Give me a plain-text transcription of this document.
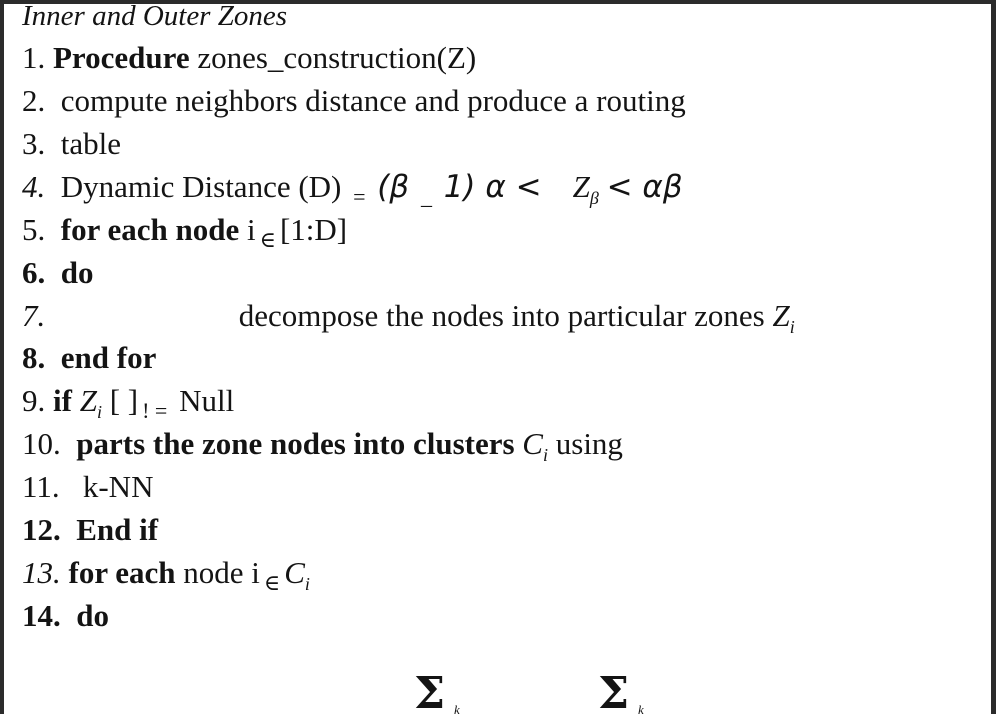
Inner and Outer Zones
1. Procedure zones_construction(Z)
2. compute neighbors distance and produce a routing
3. table
4. Dynamic Distance (D) $_=$ (β $_{\_}$ 1) $\alpha < Z_\beta < \alpha\beta$
5. for each node i $_\in$ [1:D]
6. do
7.	decompose the nodes into particular zones $Z_i$
8. end for
9. if $Z_i$ [ ] $_{! =}$ Null
10. parts the zone nodes into clusters $C_i$ using
11. k-NN
12. End if
13. for each node i $_\in$ $C_i$
14. do
Σ k	Σ k
